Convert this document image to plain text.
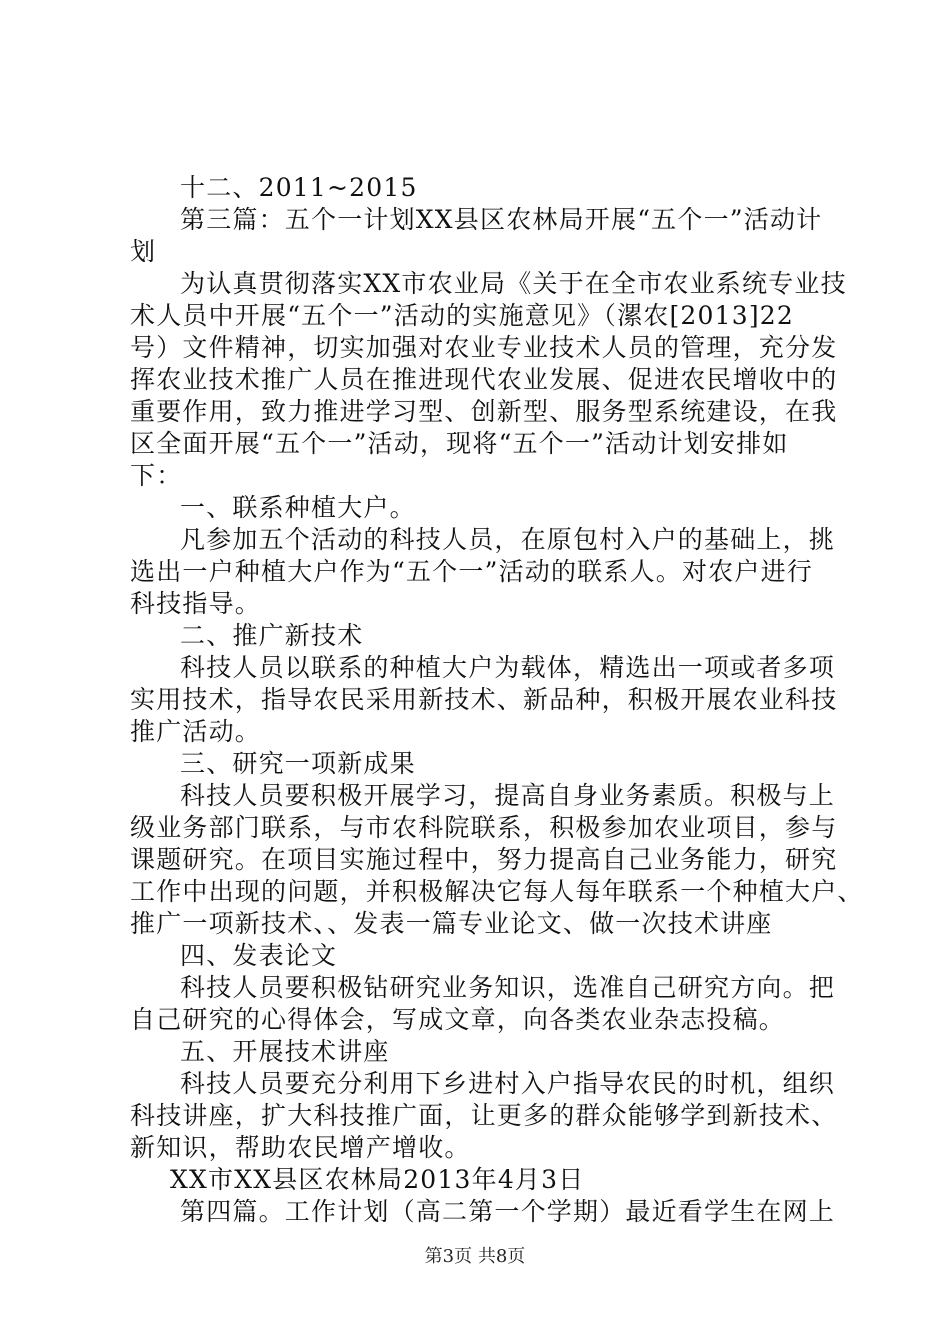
十二、2011~2015
第三篇：五个一计划XX县区农林局开展“五个一”活动计
划
为认真贯彻落实XX市农业局《关于在全市农业系统专业技
术人员中开展“五个一”活动的实施意见》（漯农[2013]22
号）文件精神，切实加强对农业专业技术人员的管理，充分发
挥农业技术推广人员在推进现代农业发展、促进农民增收中的
重要作用，致力推进学习型、创新型、服务型系统建设，在我
区全面开展“五个一”活动，现将“五个一”活动计划安排如
下：
一、联系种植大户。
凡参加五个活动的科技人员，在原包村入户的基础上，挑
选出一户种植大户作为“五个一”活动的联系人。对农户进行
科技指导。
二、推广新技术
科技人员以联系的种植大户为载体，精选出一项或者多项
实用技术，指导农民采用新技术、新品种，积极开展农业科技
推广活动。
三、研究一项新成果
科技人员要积极开展学习，提高自身业务素质。积极与上
级业务部门联系，与市农科院联系，积极参加农业项目，参与
课题研究。在项目实施过程中，努力提高自己业务能力，研究
工作中出现的问题，并积极解决它每人每年联系一个种植大户、
推广一项新技术、、发表一篇专业论文、做一次技术讲座
四、发表论文
科技人员要积极钻研究业务知识，选准自己研究方向。把
自己研究的心得体会，写成文章，向各类农业杂志投稿。
五、开展技术讲座
科技人员要充分利用下乡进村入户指导农民的时机，组织
科技讲座，扩大科技推广面，让更多的群众能够学到新技术、
新知识，帮助农民增产增收。
XX市XX县区农林局2013年4月3日
第四篇。工作计划（高二第一个学期）最近看学生在网上
第3页 共8页
